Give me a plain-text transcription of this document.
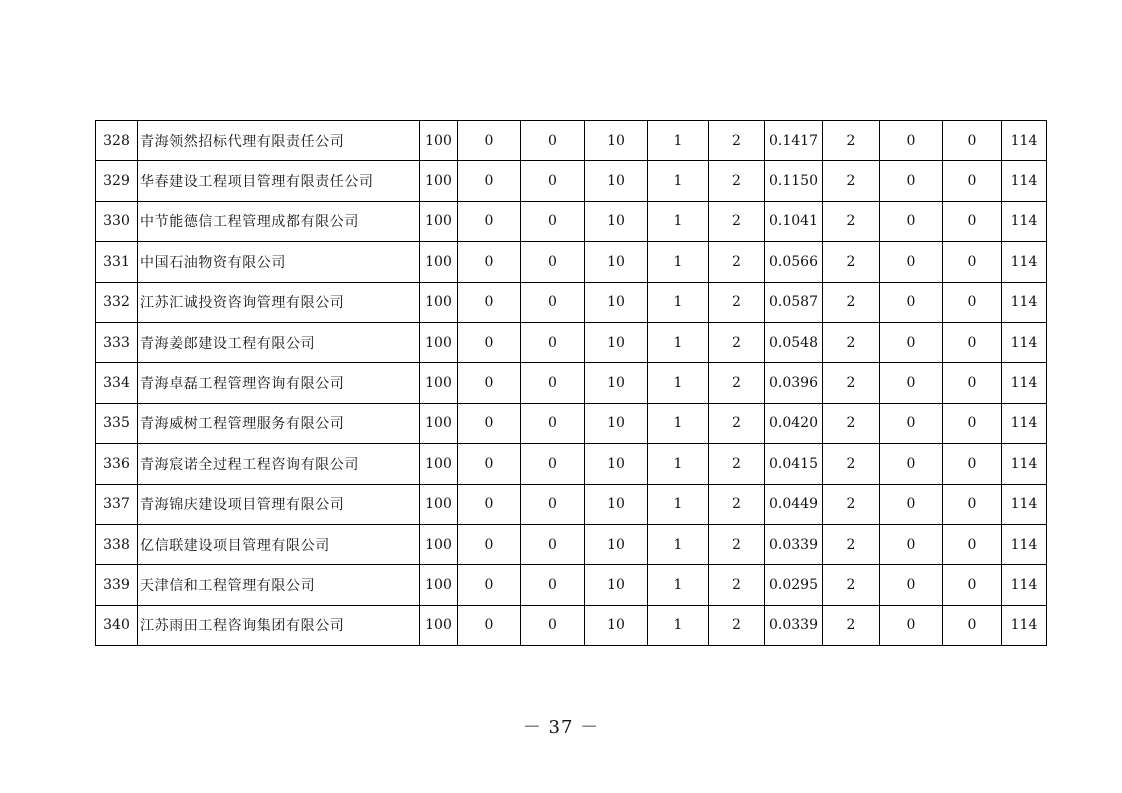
328	青海领然招标代理有限责任公司	100	0	0	10	1	2	0.1417	2	0	0	114
329	华春建设工程项目管理有限责任公司	100	0	0	10	1	2	0.1150	2	0	0	114
330	中节能德信工程管理成都有限公司	100	0	0	10	1	2	0.1041	2	0	0	114
331	中国石油物资有限公司	100	0	0	10	1	2	0.0566	2	0	0	114
332	江苏汇诚投资咨询管理有限公司	100	0	0	10	1	2	0.0587	2	0	0	114
333	青海姜郎建设工程有限公司	100	0	0	10	1	2	0.0548	2	0	0	114
334	青海卓磊工程管理咨询有限公司	100	0	0	10	1	2	0.0396	2	0	0	114
335	青海威树工程管理服务有限公司	100	0	0	10	1	2	0.0420	2	0	0	114
336	青海宸诺全过程工程咨询有限公司	100	0	0	10	1	2	0.0415	2	0	0	114
337	青海锦庆建设项目管理有限公司	100	0	0	10	1	2	0.0449	2	0	0	114
338	亿信联建设项目管理有限公司	100	0	0	10	1	2	0.0339	2	0	0	114
339	天津信和工程管理有限公司	100	0	0	10	1	2	0.0295	2	0	0	114
340	江苏雨田工程咨询集团有限公司	100	0	0	10	1	2	0.0339	2	0	0	114
－ 37 －
